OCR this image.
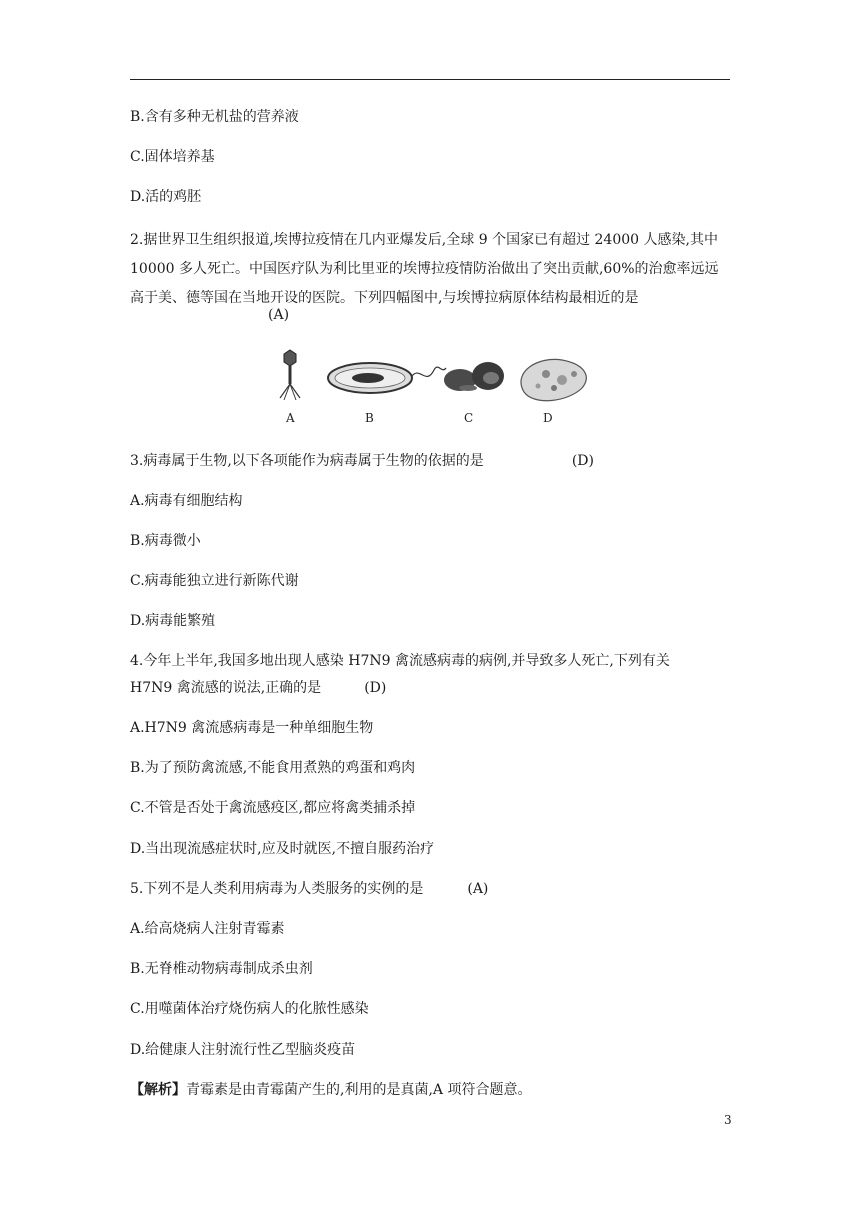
B.含有多种无机盐的营养液
C.固体培养基
D.活的鸡胚
2.据世界卫生组织报道,埃博拉疫情在几内亚爆发后,全球 9 个国家已有超过 24000 人感染,其中 10000 多人死亡。中国医疗队为利比里亚的埃博拉疫情防治做出了突出贡献,60%的治愈率远远高于美、德等国在当地开设的医院。下列四幅图中,与埃博拉病原体结构最相近的是
(A)
A	B	C	D
3.病毒属于生物,以下各项能作为病毒属于生物的依据的是	(D)
A.病毒有细胞结构
B.病毒微小
C.病毒能独立进行新陈代谢
D.病毒能繁殖
4.今年上半年,我国多地出现人感染 H7N9 禽流感病毒的病例,并导致多人死亡,下列有关
H7N9 禽流感的说法,正确的是	(D)
A.H7N9 禽流感病毒是一种单细胞生物
B.为了预防禽流感,不能食用煮熟的鸡蛋和鸡肉
C.不管是否处于禽流感疫区,都应将禽类捕杀掉
D.当出现流感症状时,应及时就医,不擅自服药治疗
5.下列不是人类利用病毒为人类服务的实例的是	(A)
A.给高烧病人注射青霉素
B.无脊椎动物病毒制成杀虫剂
C.用噬菌体治疗烧伤病人的化脓性感染
D.给健康人注射流行性乙型脑炎疫苗
【解析】青霉素是由青霉菌产生的,利用的是真菌,A 项符合题意。
3
